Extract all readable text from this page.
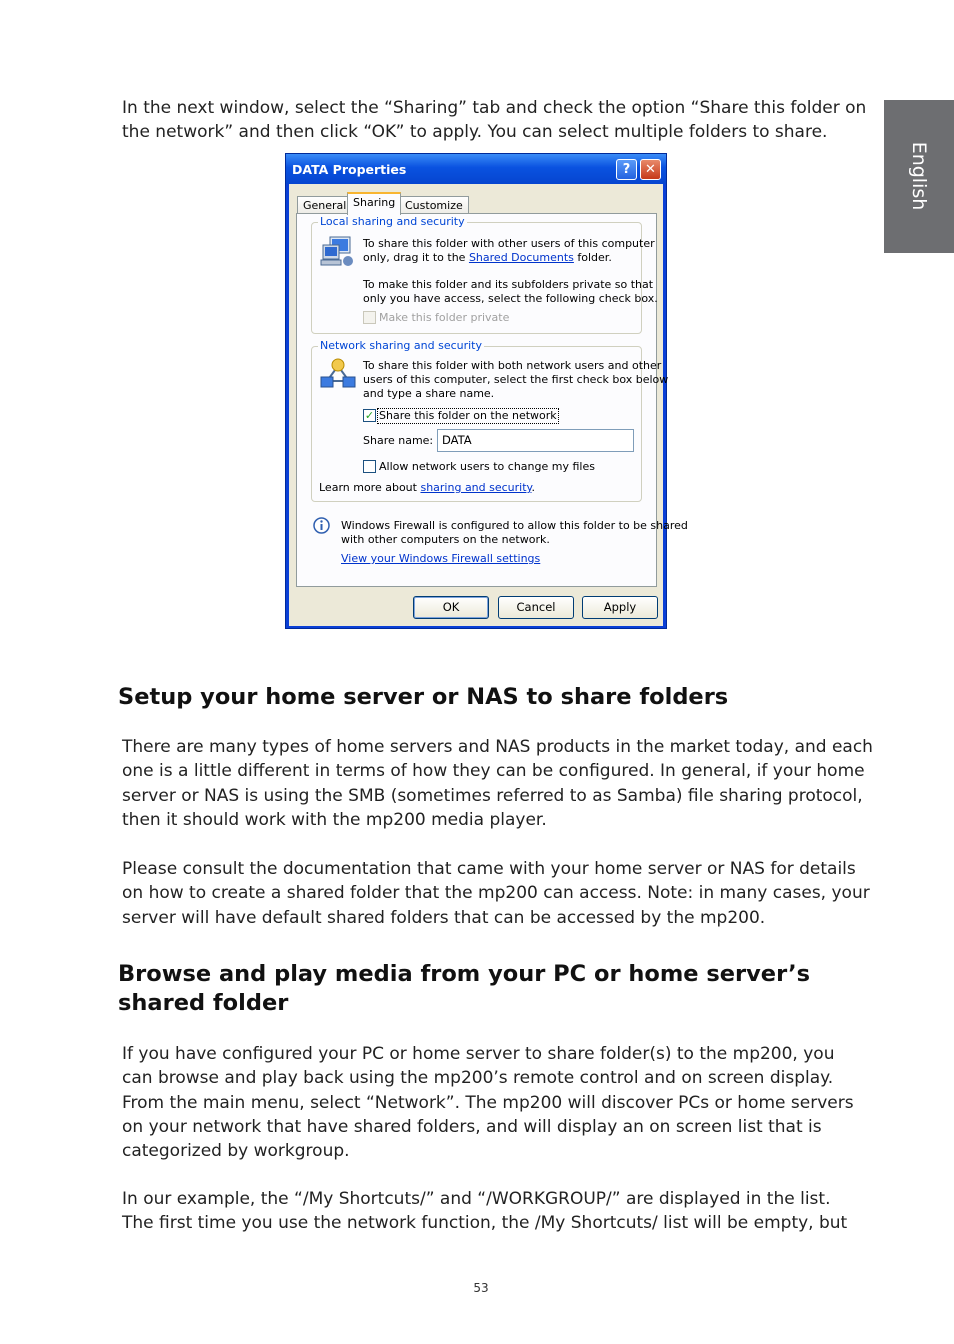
English
In the next window, select the “Sharing” tab and check the option “Share this folder on
the network” and then click “OK” to apply. You can select multiple folders to share.
DATA Properties	?	✕
General Sharing Customize
Local sharing and security
To share this folder with other users of this computer
only, drag it to the Shared Documents folder.
To make this folder and its subfolders private so that
only you have access, select the following check box.
Make this folder private
Network sharing and security
To share this folder with both network users and other
users of this computer, select the first check box below
and type a share name.
✓ Share this folder on the network
Share name: DATA
Allow network users to change my files
Learn more about sharing and security.
Windows Firewall is configured to allow this folder to be shared
with other computers on the network.
View your Windows Firewall settings
OK	Cancel	Apply
Setup your home server or NAS to share folders
There are many types of home servers and NAS products in the market today, and each
one is a little different in terms of how they can be configured. In general, if your home
server or NAS is using the SMB (sometimes referred to as Samba) file sharing protocol,
then it should work with the mp200 media player.
Please consult the documentation that came with your home server or NAS for details
on how to create a shared folder that the mp200 can access. Note: in many cases, your
server will have default shared folders that can be accessed by the mp200.
Browse and play media from your PC or home server’s
shared folder
If you have configured your PC or home server to share folder(s) to the mp200, you
can browse and play back using the mp200’s remote control and on screen display.
From the main menu, select “Network”. The mp200 will discover PCs or home servers
on your network that have shared folders, and will display an on screen list that is
categorized by workgroup.
In our example, the “/My Shortcuts/” and “/WORKGROUP/” are displayed in the list.
The first time you use the network function, the /My Shortcuts/ list will be empty, but
53
